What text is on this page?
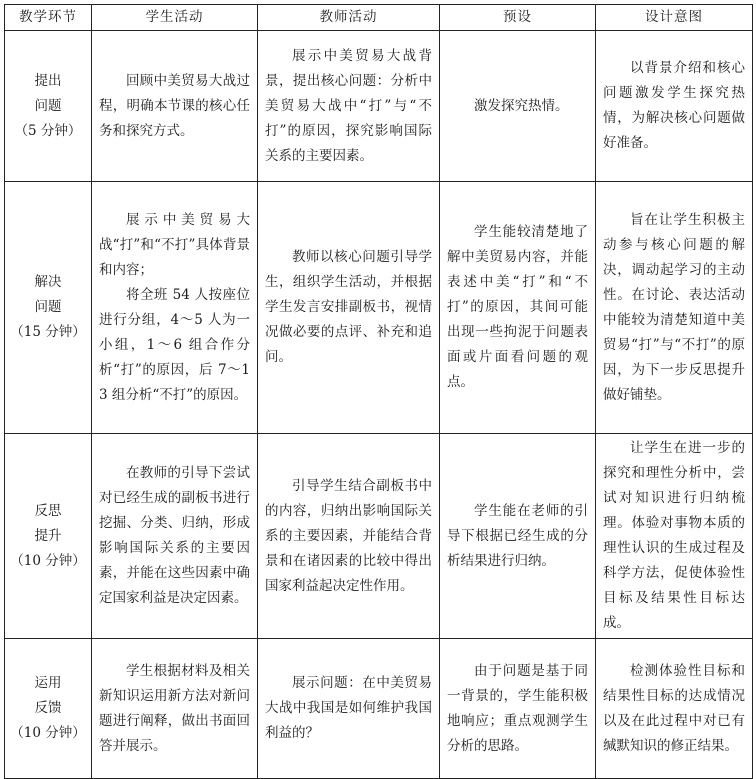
教学环节	学生活动	教师活动	预设	设计意图

提出
问题
（5 分钟）	回顾中美贸易大战过程，明确本节课的核心任务和探究方式。	展示中美贸易大战背景，提出核心问题：分析中美贸易大战中“打”与“不打”的原因，探究影响国际关系的主要因素。	激发探究热情。	以背景介绍和核心问题激发学生探究热情，为解决核心问题做好准备。

解决
问题
（15 分钟）	展示中美贸易大战“打”和“不打”具体背景和内容；
将全班 54 人按座位进行分组，4～5 人为一小组，1～6 组合作分析“打”的原因，后 7～13 组分析“不打”的原因。	教师以核心问题引导学生，组织学生活动，并根据学生发言安排副板书，视情况做必要的点评、补充和追问。	学生能较清楚地了解中美贸易内容，并能表述中美“打”和“不打”的原因，其间可能出现一些拘泥于问题表面或片面看问题的观点。	旨在让学生积极主动参与核心问题的解决，调动起学习的主动性。在讨论、表达活动中能较为清楚知道中美贸易“打”与“不打”的原因，为下一步反思提升做好铺垫。

反思
提升
（10 分钟）	在教师的引导下尝试对已经生成的副板书进行挖掘、分类、归纳，形成影响国际关系的主要因素，并能在这些因素中确定国家利益是决定因素。	引导学生结合副板书中的内容，归纳出影响国际关系的主要因素，并能结合背景和在诸因素的比较中得出国家利益起决定性作用。	学生能在老师的引导下根据已经生成的分析结果进行归纳。	让学生在进一步的探究和理性分析中，尝试对知识进行归纳梳理。体验对事物本质的理性认识的生成过程及科学方法，促使体验性目标及结果性目标达成。

运用
反馈
（10 分钟）	学生根据材料及相关新知识运用新方法对新问题进行阐释，做出书面回答并展示。	展示问题：在中美贸易大战中我国是如何维护我国利益的？	由于问题是基于同一背景的，学生能积极地响应；重点观测学生分析的思路。	检测体验性目标和结果性目标的达成情况以及在此过程中对已有缄默知识的修正结果。
